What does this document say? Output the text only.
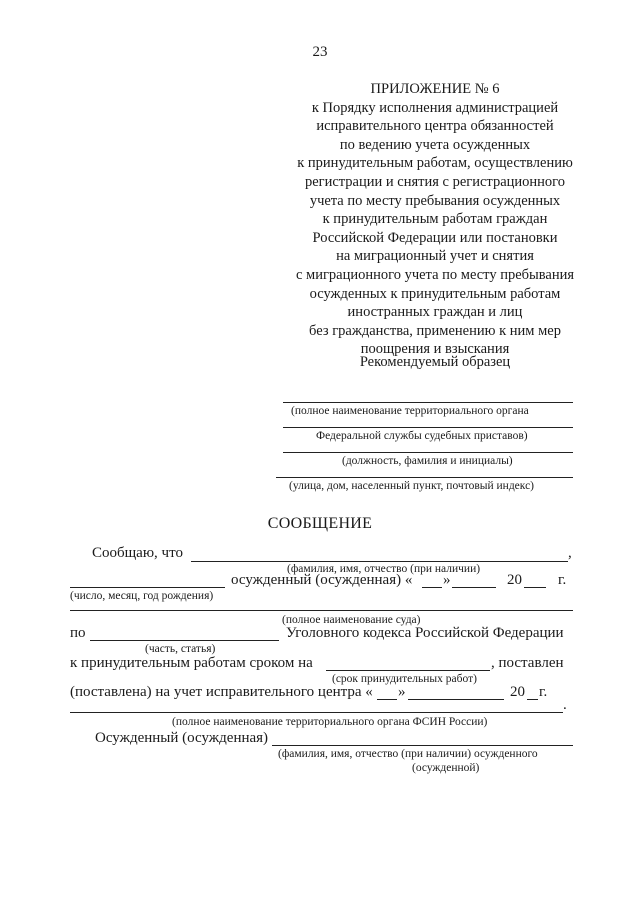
23
ПРИЛОЖЕНИЕ № 6
к Порядку исполнения администрацией
исправительного центра обязанностей
по ведению учета осужденных
к принудительным работам, осуществлению
регистрации и снятия с регистрационного
учета по месту пребывания осужденных
к принудительным работам граждан
Российской Федерации или постановки
на миграционный учет и снятия
с миграционного учета по месту пребывания
осужденных к принудительным работам
иностранных граждан и лиц
без гражданства, применению к ним мер
поощрения и взыскания
Рекомендуемый образец
(полное наименование территориального органа
Федеральной службы судебных приставов)
(должность, фамилия и инициалы)
(улица, дом, населенный пункт, почтовый индекс)
СООБЩЕНИЕ
Сообщаю, что	,
(фамилия, имя, отчество (при наличии)
осужденный (осужденная) « »	20 г.
(число, месяц, год рождения)
(полное наименование суда)
по	Уголовного кодекса Российской Федерации
(часть, статья)
к принудительным работам сроком на	, поставлен
(срок принудительных работ)
(поставлена) на учет исправительного центра « »	20 г.
.
(полное наименование территориального органа ФСИН России)
Осужденный (осужденная)
(фамилия, имя, отчество (при наличии) осужденного
(осужденной)
